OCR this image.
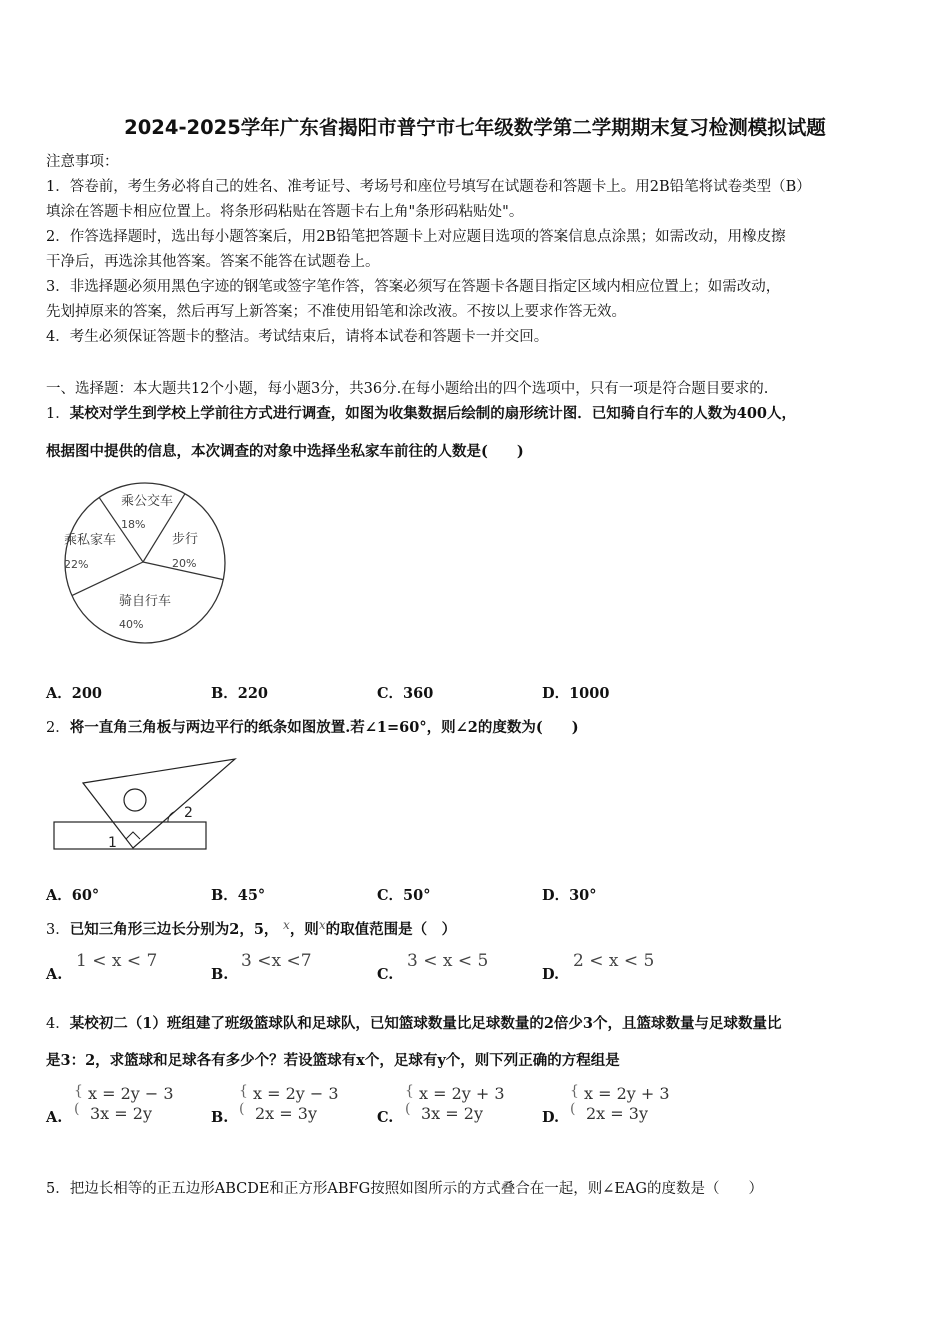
2024-2025学年广东省揭阳市普宁市七年级数学第二学期期末复习检测模拟试题
注意事项：
1．答卷前，考生务必将自己的姓名、准考证号、考场号和座位号填写在试题卷和答题卡上。用2B铅笔将试卷类型（B）
填涂在答题卡相应位置上。将条形码粘贴在答题卡右上角"条形码粘贴处"。
2．作答选择题时，选出每小题答案后，用2B铅笔把答题卡上对应题目选项的答案信息点涂黑；如需改动，用橡皮擦
干净后，再选涂其他答案。答案不能答在试题卷上。
3．非选择题必须用黑色字迹的钢笔或签字笔作答，答案必须写在答题卡各题目指定区域内相应位置上；如需改动，
先划掉原来的答案，然后再写上新答案；不准使用铅笔和涂改液。不按以上要求作答无效。
4．考生必须保证答题卡的整洁。考试结束后，请将本试卷和答题卡一并交回。
一、选择题：本大题共12个小题，每小题3分，共36分.在每小题给出的四个选项中，只有一项是符合题目要求的.
1．某校对学生到学校上学前往方式进行调查，如图为收集数据后绘制的扇形统计图．已知骑自行车的人数为400人，
根据图中提供的信息，本次调查的对象中选择坐私家车前往的人数是(　　)
乘公交车
18%
步行
20%
骑自行车
40%
乘私家车
22%
A．200	B．220	C．360	D．1000
2．将一直角三角板与两边平行的纸条如图放置.若∠1=60°，则∠2的度数为(　　)
2
1
A．60°	B．45°	C．50°	D．30°
3．已知三角形三边长分别为2，5， $^x$，则$^x$的取值范围是（　）
A.
1 < x < 7
B.
3 <x <7
C.
3 < x < 5
D.
2 < x < 5
4．某校初二（1）班组建了班级篮球队和足球队，已知篮球数量比足球数量的2倍少3个，且篮球数量与足球数量比
是3：2，求篮球和足球各有多少个？若设篮球有x个，足球有y个，则下列正确的方程组是
A.
{
(
x = 2y − 3
3x = 2y	B.
{
(
x = 2y − 3
2x = 3y	C.
{
(
x = 2y + 3
3x = 2y	D.
{
(
x = 2y + 3
2x = 3y
5．把边长相等的正五边形ABCDE和正方形ABFG按照如图所示的方式叠合在一起，则∠EAG的度数是（　　）
